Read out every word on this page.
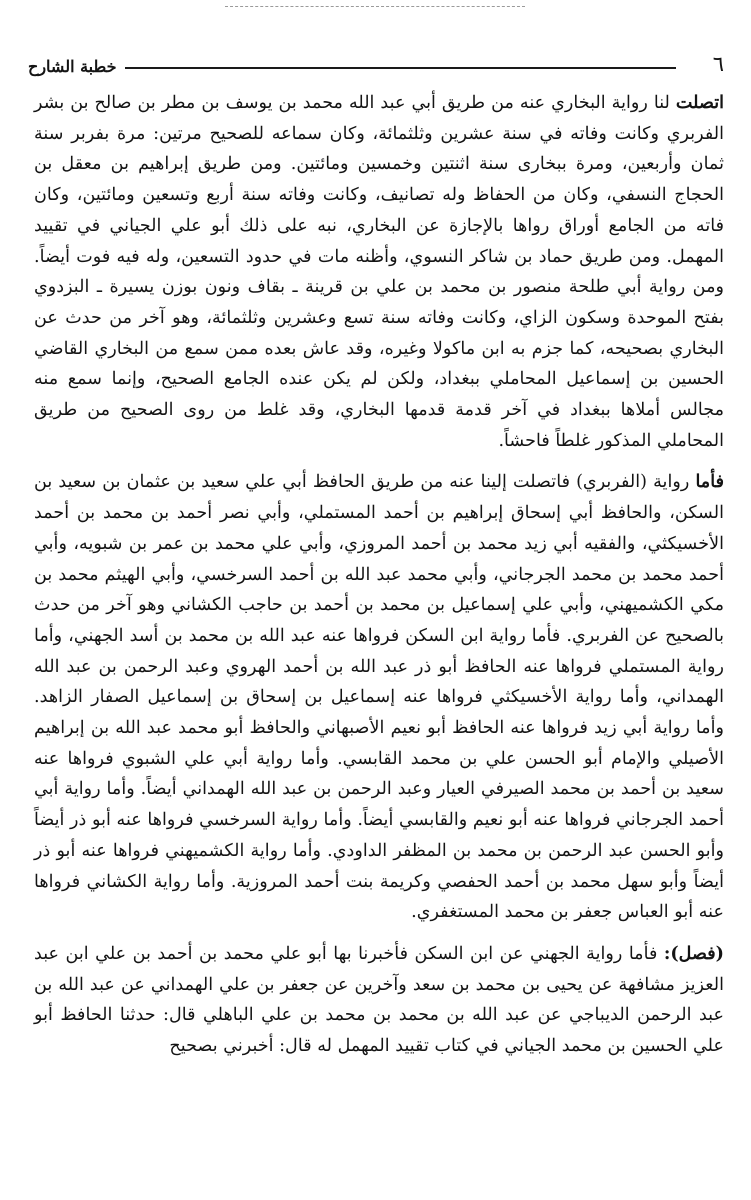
٦
خطبة الشارح

اتصلت لنا رواية البخاري عنه من طريق أبي عبد الله محمد بن يوسف بن مطر بن صالح بن بشر الفربري وكانت وفاته في سنة عشرين وثلثمائة، وكان سماعه للصحيح مرتين: مرة بفربر سنة ثمان وأربعين، ومرة ببخارى سنة اثنتين وخمسين ومائتين. ومن طريق إبراهيم بن معقل بن الحجاج النسفي، وكان من الحفاظ وله تصانيف، وكانت وفاته سنة أربع وتسعين ومائتين، وكان فاته من الجامع أوراق رواها بالإجازة عن البخاري، نبه على ذلك أبو علي الجياني في تقييد المهمل. ومن طريق حماد بن شاكر النسوي، وأظنه مات في حدود التسعين، وله فيه فوت أيضاً. ومن رواية أبي طلحة منصور بن محمد بن علي بن قرينة ـ بقاف ونون بوزن يسيرة ـ البزدوي بفتح الموحدة وسكون الزاي، وكانت وفاته سنة تسع وعشرين وثلثمائة، وهو آخر من حدث عن البخاري بصحيحه، كما جزم به ابن ماكولا وغيره، وقد عاش بعده ممن سمع من البخاري القاضي الحسين بن إسماعيل المحاملي ببغداد، ولكن لم يكن عنده الجامع الصحيح، وإنما سمع منه مجالس أملاها ببغداد في آخر قدمة قدمها البخاري، وقد غلط من روى الصحيح من طريق المحاملي المذكور غلطاً فاحشاً.

فأما رواية (الفربري) فاتصلت إلينا عنه من طريق الحافظ أبي علي سعيد بن عثمان بن سعيد بن السكن، والحافظ أبي إسحاق إبراهيم بن أحمد المستملي، وأبي نصر أحمد بن محمد بن أحمد الأخسيكثي، والفقيه أبي زيد محمد بن أحمد المروزي، وأبي علي محمد بن عمر بن شبويه، وأبي أحمد محمد بن محمد الجرجاني، وأبي محمد عبد الله بن أحمد السرخسي، وأبي الهيثم محمد بن مكي الكشميهني، وأبي علي إسماعيل بن محمد بن أحمد بن حاجب الكشاني وهو آخر من حدث بالصحيح عن الفربري. فأما رواية ابن السكن فرواها عنه عبد الله بن محمد بن أسد الجهني، وأما رواية المستملي فرواها عنه الحافظ أبو ذر عبد الله بن أحمد الهروي وعبد الرحمن بن عبد الله الهمداني، وأما رواية الأخسيكثي فرواها عنه إسماعيل بن إسحاق بن إسماعيل الصفار الزاهد. وأما رواية أبي زيد فرواها عنه الحافظ أبو نعيم الأصبهاني والحافظ أبو محمد عبد الله بن إبراهيم الأصيلي والإمام أبو الحسن علي بن محمد القابسي. وأما رواية أبي علي الشبوي فرواها عنه سعيد بن أحمد بن محمد الصيرفي العيار وعبد الرحمن بن عبد الله الهمداني أيضاً. وأما رواية أبي أحمد الجرجاني فرواها عنه أبو نعيم والقابسي أيضاً. وأما رواية السرخسي فرواها عنه أبو ذر أيضاً وأبو الحسن عبد الرحمن بن محمد بن المظفر الداودي. وأما رواية الكشميهني فرواها عنه أبو ذر أيضاً وأبو سهل محمد بن أحمد الحفصي وكريمة بنت أحمد المروزية. وأما رواية الكشاني فرواها عنه أبو العباس جعفر بن محمد المستغفري.

(فصل): فأما رواية الجهني عن ابن السكن فأخبرنا بها أبو علي محمد بن أحمد بن علي ابن عبد العزيز مشافهة عن يحيى بن محمد بن سعد وآخرين عن جعفر بن علي الهمداني عن عبد الله بن عبد الرحمن الديباجي عن عبد الله بن محمد بن محمد بن علي الباهلي قال: حدثنا الحافظ أبو علي الحسين بن محمد الجياني في كتاب تقييد المهمل له قال: أخبرني بصحيح
